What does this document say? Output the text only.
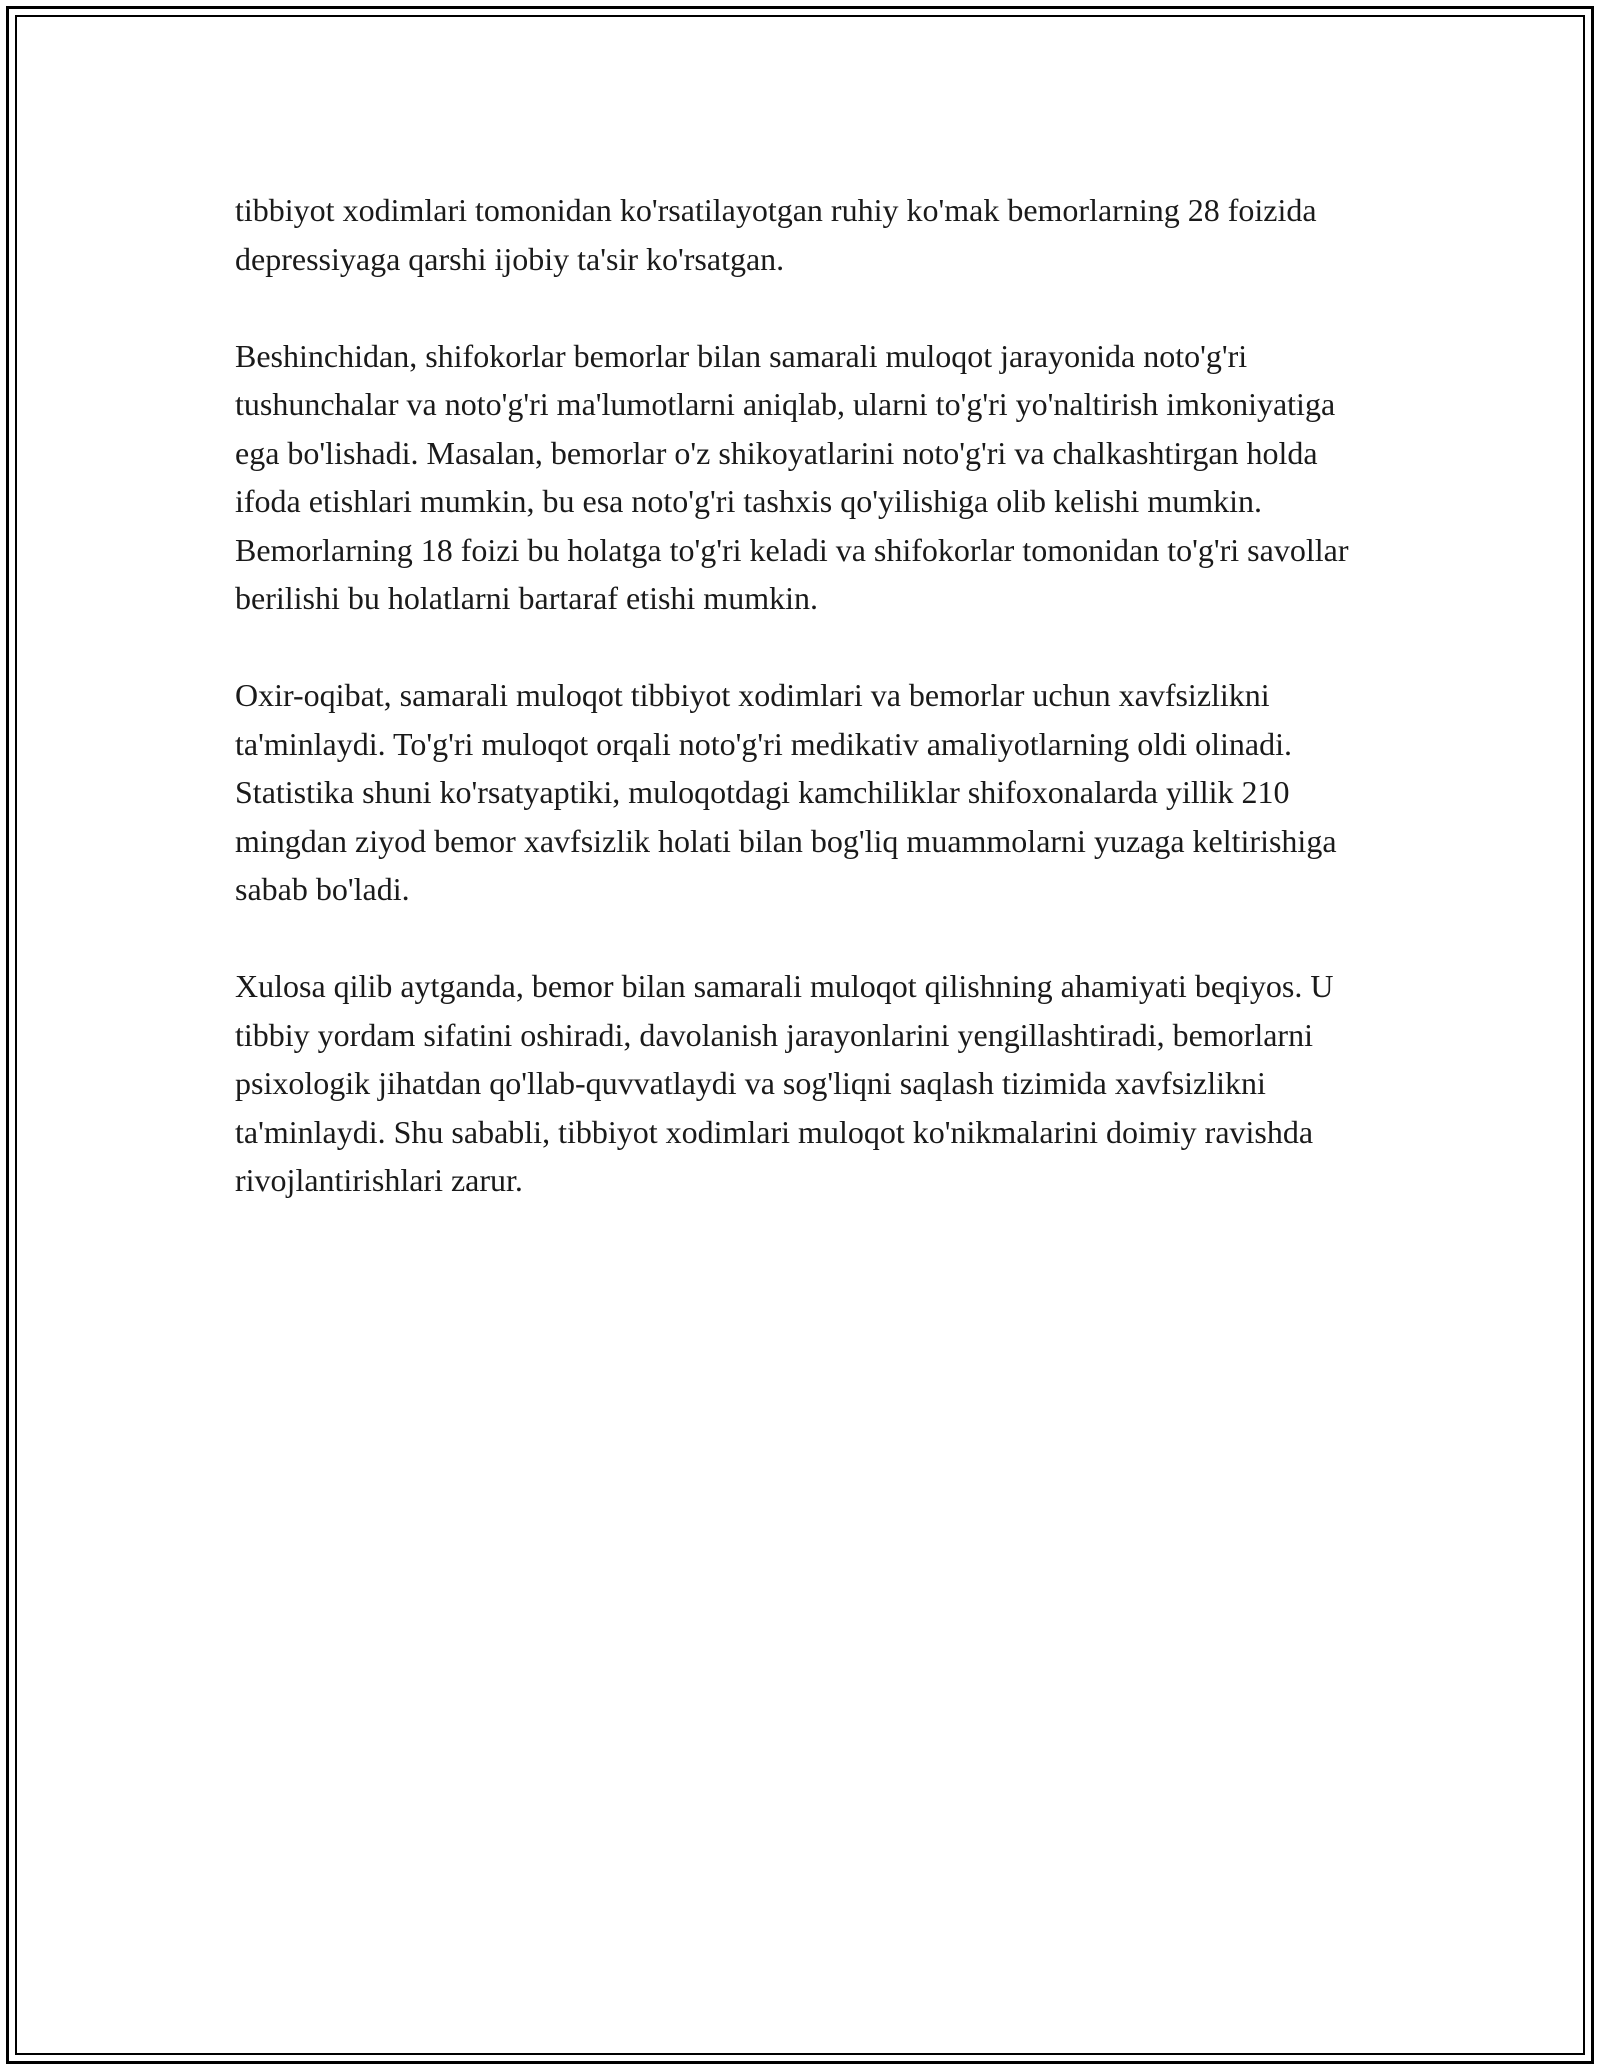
tibbiyot xodimlari tomonidan ko'rsatilayotgan ruhiy ko'mak bemorlarning 28 foizida depressiyaga qarshi ijobiy ta'sir ko'rsatgan.

Beshinchidan, shifokorlar bemorlar bilan samarali muloqot jarayonida noto'g'ri tushunchalar va noto'g'ri ma'lumotlarni aniqlab, ularni to'g'ri yo'naltirish imkoniyatiga ega bo'lishadi. Masalan, bemorlar o'z shikoyatlarini noto'g'ri va chalkashtirgan holda ifoda etishlari mumkin, bu esa noto'g'ri tashxis qo'yilishiga olib kelishi mumkin. Bemorlarning 18 foizi bu holatga to'g'ri keladi va shifokorlar tomonidan to'g'ri savollar berilishi bu holatlarni bartaraf etishi mumkin.

Oxir-oqibat, samarali muloqot tibbiyot xodimlari va bemorlar uchun xavfsizlikni ta'minlaydi. To'g'ri muloqot orqali noto'g'ri medikativ amaliyotlarning oldi olinadi. Statistika shuni ko'rsatyaptiki, muloqotdagi kamchiliklar shifoxonalarda yillik 210 mingdan ziyod bemor xavfsizlik holati bilan bog'liq muammolarni yuzaga keltirishiga sabab bo'ladi.

Xulosa qilib aytganda, bemor bilan samarali muloqot qilishning ahamiyati beqiyos. U tibbiy yordam sifatini oshiradi, davolanish jarayonlarini yengillashtiradi, bemorlarni psixologik jihatdan qo'llab-quvvatlaydi va sog'liqni saqlash tizimida xavfsizlikni ta'minlaydi. Shu sababli, tibbiyot xodimlari muloqot ko'nikmalarini doimiy ravishda rivojlantirishlari zarur.
